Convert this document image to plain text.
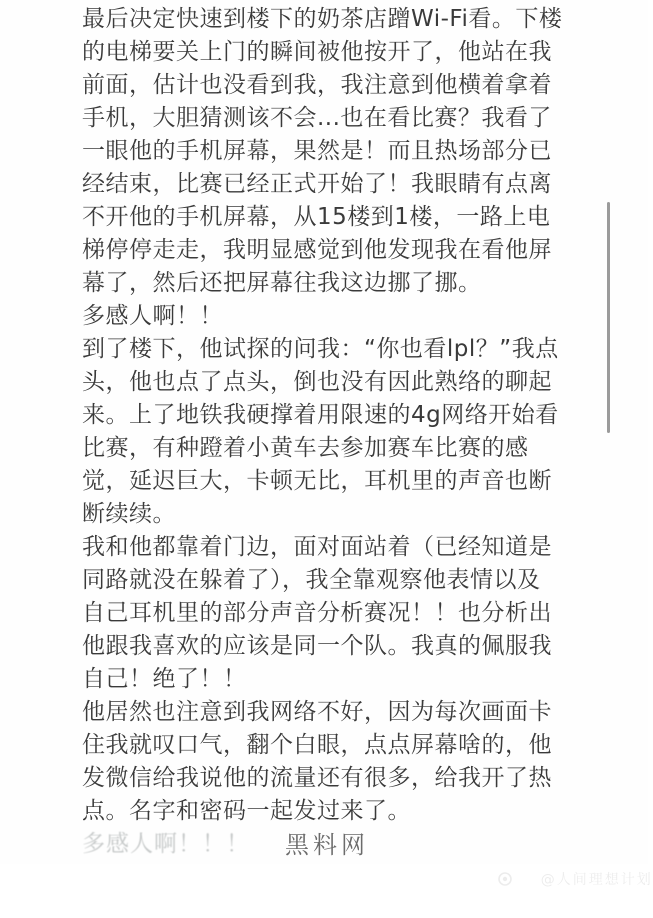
最后决定快速到楼下的奶茶店蹭Wi-Fi看。下楼
的电梯要关上门的瞬间被他按开了，他站在我
前面，估计也没看到我，我注意到他横着拿着
手机，大胆猜测该不会...也在看比赛？我看了
一眼他的手机屏幕，果然是！而且热场部分已
经结束，比赛已经正式开始了！我眼睛有点离
不开他的手机屏幕，从15楼到1楼，一路上电
梯停停走走，我明显感觉到他发现我在看他屏
幕了，然后还把屏幕往我这边挪了挪。
多感人啊！！
到了楼下，他试探的问我：“你也看lpl？”我点
头，他也点了点头，倒也没有因此熟络的聊起
来。上了地铁我硬撑着用限速的4g网络开始看
比赛，有种蹬着小黄车去参加赛车比赛的感
觉，延迟巨大，卡顿无比，耳机里的声音也断
断续续。
我和他都靠着门边，面对面站着（已经知道是
同路就没在躲着了），我全靠观察他表情以及
自己耳机里的部分声音分析赛况！！也分析出
他跟我喜欢的应该是同一个队。我真的佩服我
自己！绝了！！
他居然也注意到我网络不好，因为每次画面卡
住我就叹口气，翻个白眼，点点屏幕啥的，他
发微信给我说他的流量还有很多，给我开了热
点。名字和密码一起发过来了。
多感人啊！！！ 黑料网

@人间理想计划
